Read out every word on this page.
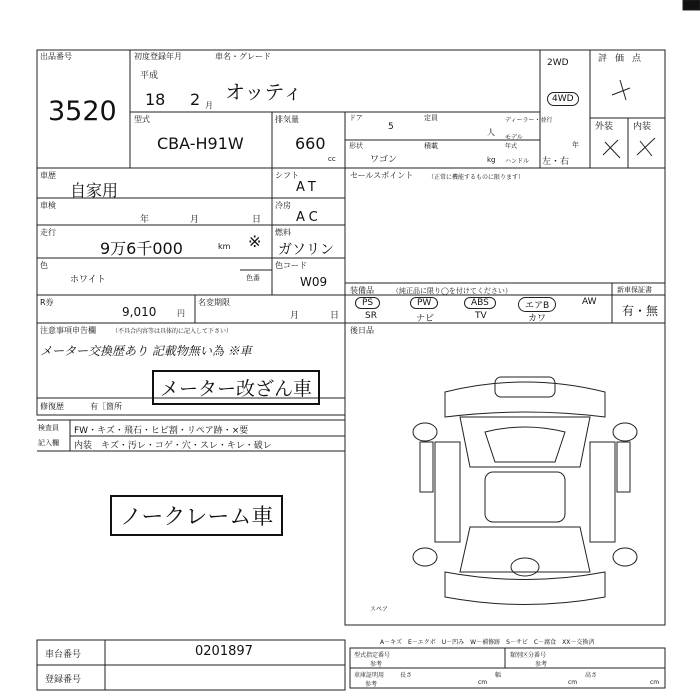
出品番号
3520
初度登録年月
平成
18 2 月
車名・グレード
オッティ
2WD
4WD
評価点
外装 内装
型式
CBA-H91W
排気量
660
cc
ドア
5
定員
人
ディーラー・並行
モデル年式	年
形状
ワゴン
積載
kg ハンドル 左・右
車歴
自家用
シフト
AT
セールスポイント （正常に機能するものに限ります）
車検
年	月	日
冷房
AC
走行
9万6千000	km ※ 燃料
ガソリン
色
ホワイト	色番
色コード
W09
R券
9,010	円
名変期限
月	日
装備品	（純正品に限り◯を付けてください）
PS
SR
PW
ナビ
ABS
TV
エアB
カワ
AW
新車保証書
有・無
注意事項申告欄	（不具合内容等は具体的に記入して下さい）
メーター交換歴あり 記載物無い為 ※車
メーター改ざん車
修復歴	有［箇所
後日品
検査員
記入欄
FW・キズ・飛石・ヒビ割・リペア跡・×要
内装　キズ・汚レ・コゲ・穴・スレ・キレ・破レ
ノークレーム車
スペア
A－キズ　E－エクボ　U－凹み　W－補修跡　S－サビ　C－腐食　XX－交換済
車台番号	0201897
登録番号
型式指定番号
参考
類別区分番号
参考
車庫証明用
参考
長さ
cm
幅
cm
高さ
cm
